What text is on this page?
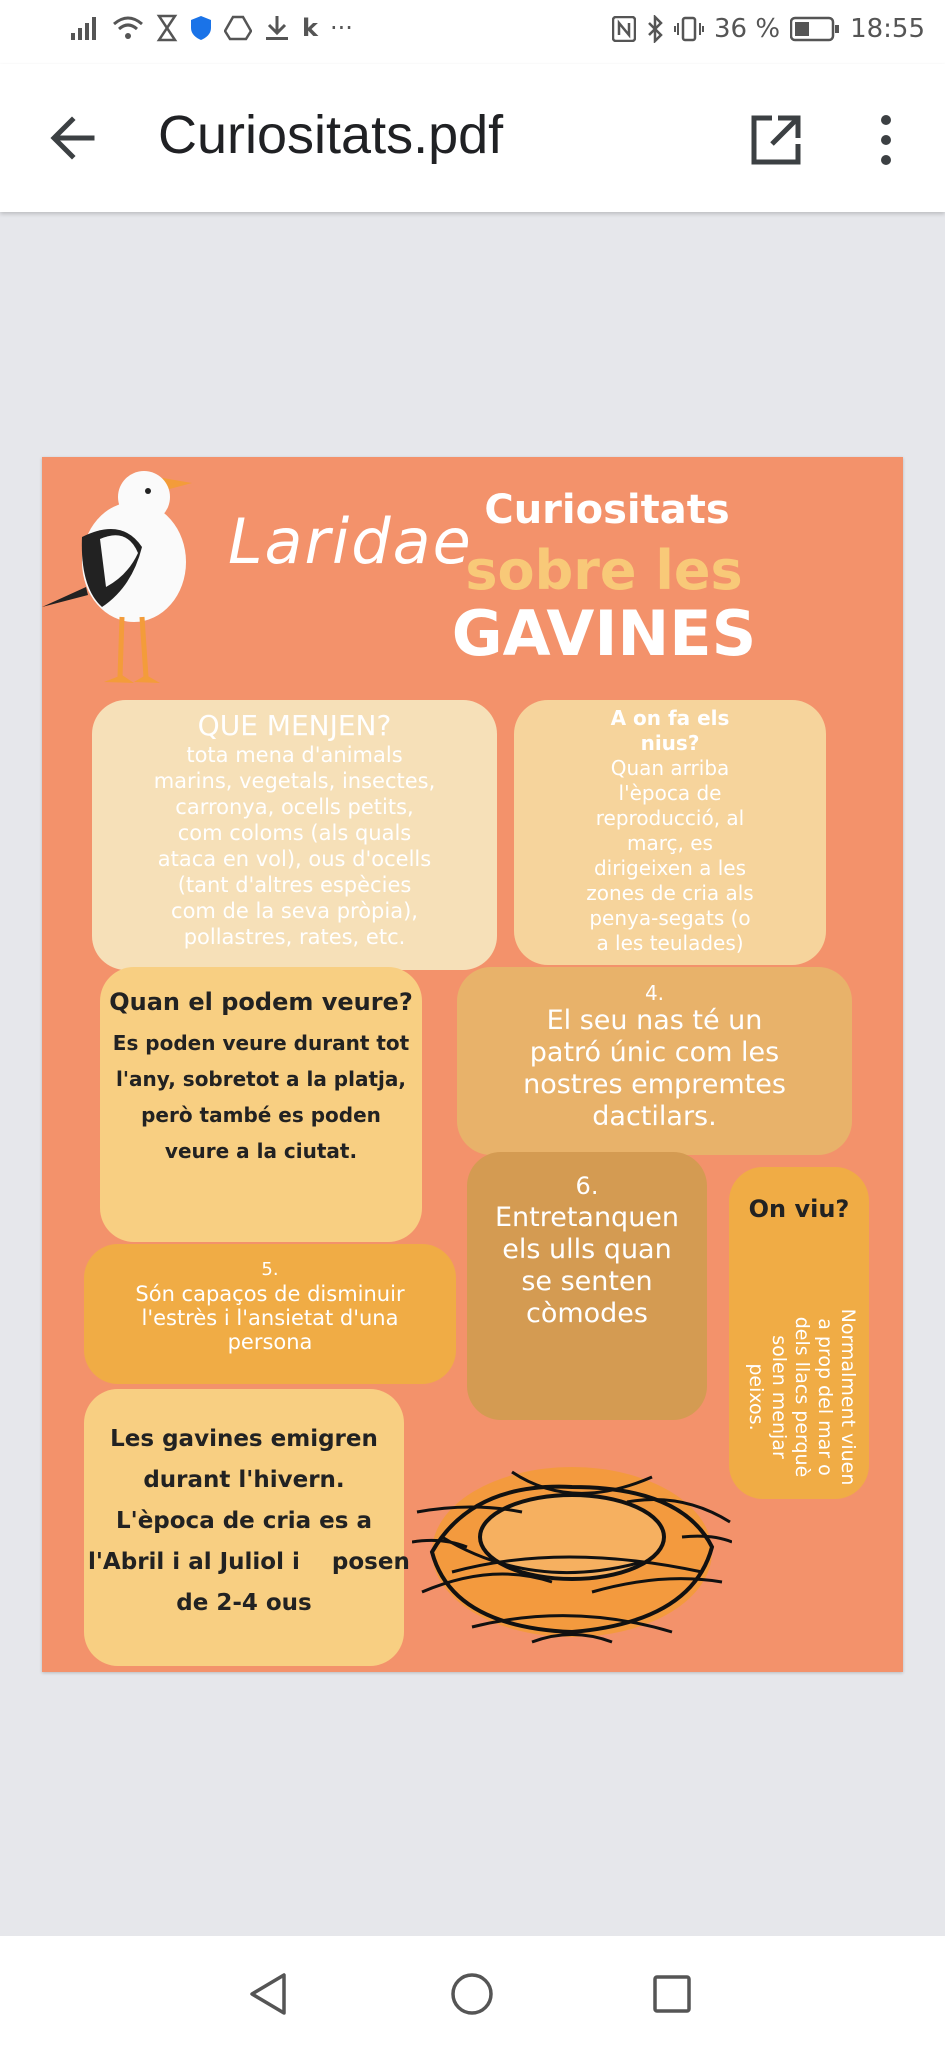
k ···	36 %	18:55
Curiositats.pdf
Laridae Curiositats
sobre les
GAVINES
QUE MENJEN?
tota mena d'animals
marins, vegetals, insectes,
carronya, ocells petits,
com coloms (als quals
ataca en vol), ous d'ocells
(tant d'altres espècies
com de la seva pròpia),
pollastres, rates, etc.
A on fa els
nius?
Quan arriba
l'època de
reproducció, al
març, es
dirigeixen a les
zones de cria als
penya-segats (o
a les teulades)
Quan el podem veure?
Es poden veure durant tot
l'any, sobretot a la platja,
però també es poden
veure a la ciutat.
4.
El seu nas té un
patró únic com les
nostres empremtes
dactilars.
6.
Entretanquen
els ulls quan
se senten
còmodes
On viu?
Normalment viuen
a prop del mar o
dels llacs perquè
solen menjar
peixos.
5.
Són capaços de disminuir
l'estrès i l'ansietat d'una
persona
Les gavines emigren
durant l'hivern.
L'època de cria es a
l'Abril i al Juliol i    posen
de 2-4 ous
